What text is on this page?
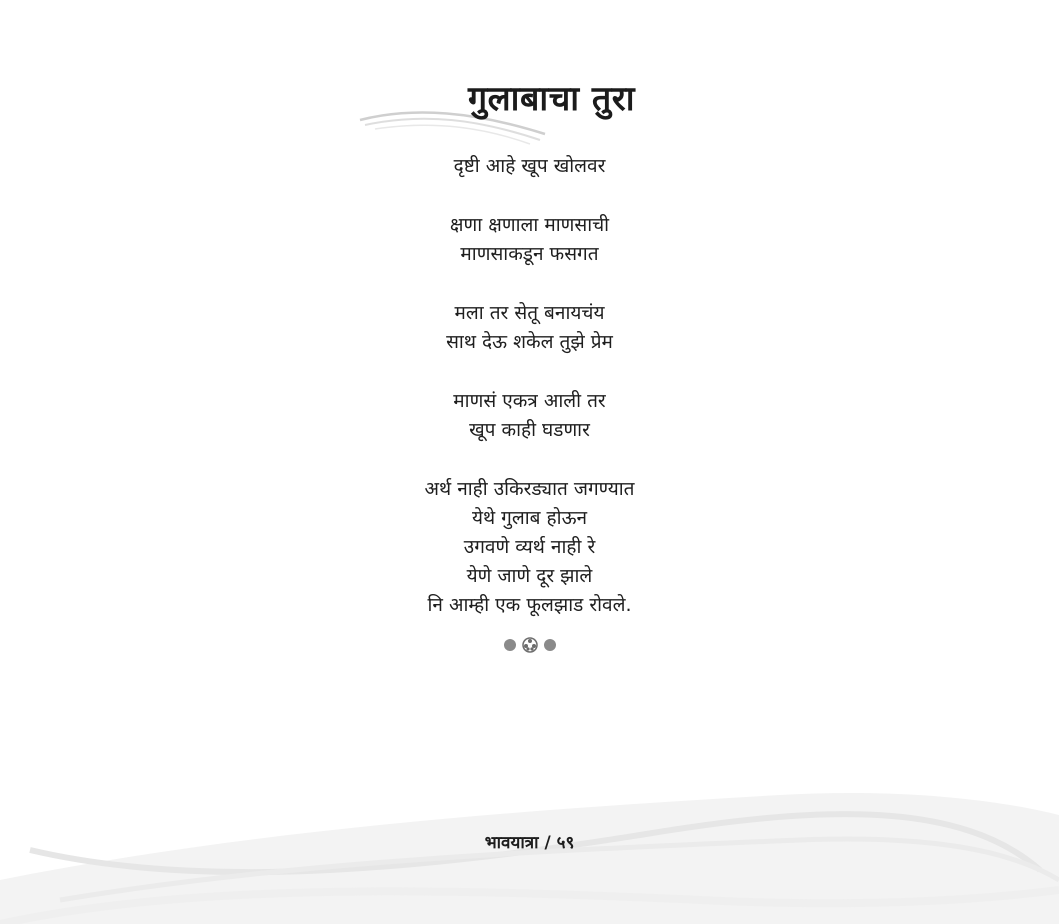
गुलाबाचा तुरा
दृष्टी आहे खूप खोलवर
क्षणा क्षणाला माणसाची
माणसाकडून फसगत
मला तर सेतू बनायचंय
साथ देऊ शकेल तुझे प्रेम
माणसं एकत्र आली तर
खूप काही घडणार
अर्थ नाही उकिरड्यात जगण्यात
येथे गुलाब होऊन
उगवणे व्यर्थ नाही रे
येणे जाणे दूर झाले
नि आम्ही एक फूलझाड रोवले.
भावयात्रा / ५९
